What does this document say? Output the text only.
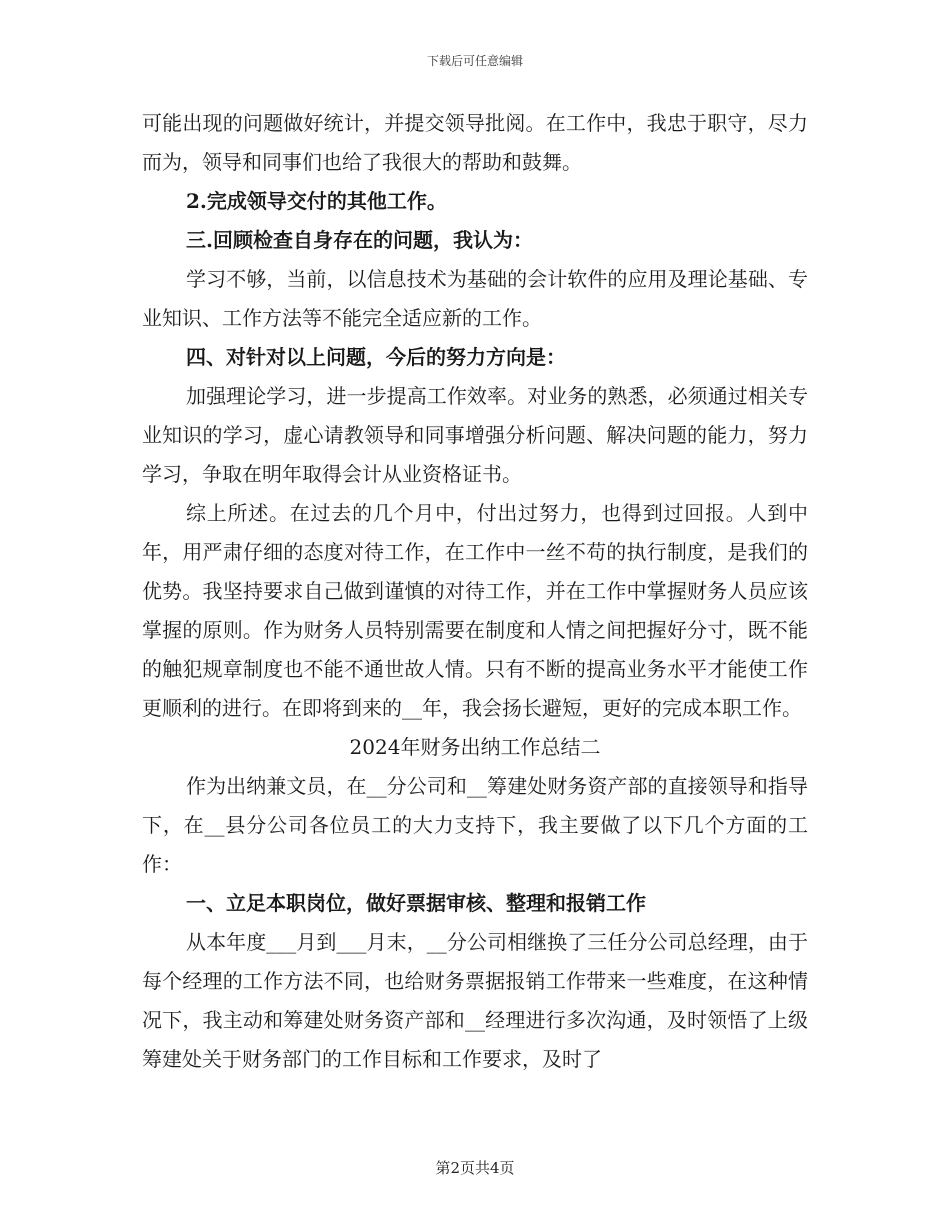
下载后可任意编辑

可能出现的问题做好统计，并提交领导批阅。在工作中，我忠于职守，尽力而为，领导和同事们也给了我很大的帮助和鼓舞。

2.完成领导交付的其他工作。

三.回顾检查自身存在的问题，我认为：

学习不够，当前，以信息技术为基础的会计软件的应用及理论基础、专业知识、工作方法等不能完全适应新的工作。

四、对针对以上问题，今后的努力方向是：

加强理论学习，进一步提高工作效率。对业务的熟悉，必须通过相关专业知识的学习，虚心请教领导和同事增强分析问题、解决问题的能力，努力学习，争取在明年取得会计从业资格证书。

综上所述。在过去的几个月中，付出过努力，也得到过回报。人到中年，用严肃仔细的态度对待工作，在工作中一丝不苟的执行制度，是我们的优势。我坚持要求自己做到谨慎的对待工作，并在工作中掌握财务人员应该掌握的原则。作为财务人员特别需要在制度和人情之间把握好分寸，既不能的触犯规章制度也不能不通世故人情。只有不断的提高业务水平才能使工作更顺利的进行。在即将到来的__年，我会扬长避短，更好的完成本职工作。

2024年财务出纳工作总结二

作为出纳兼文员，在__分公司和__筹建处财务资产部的直接领导和指导下，在__县分公司各位员工的大力支持下，我主要做了以下几个方面的工作：

一、立足本职岗位，做好票据审核、整理和报销工作

从本年度___月到___月末，__分公司相继换了三任分公司总经理，由于每个经理的工作方法不同，也给财务票据报销工作带来一些难度，在这种情况下，我主动和筹建处财务资产部和__经理进行多次沟通，及时领悟了上级筹建处关于财务部门的工作目标和工作要求，及时了

第2页共4页
